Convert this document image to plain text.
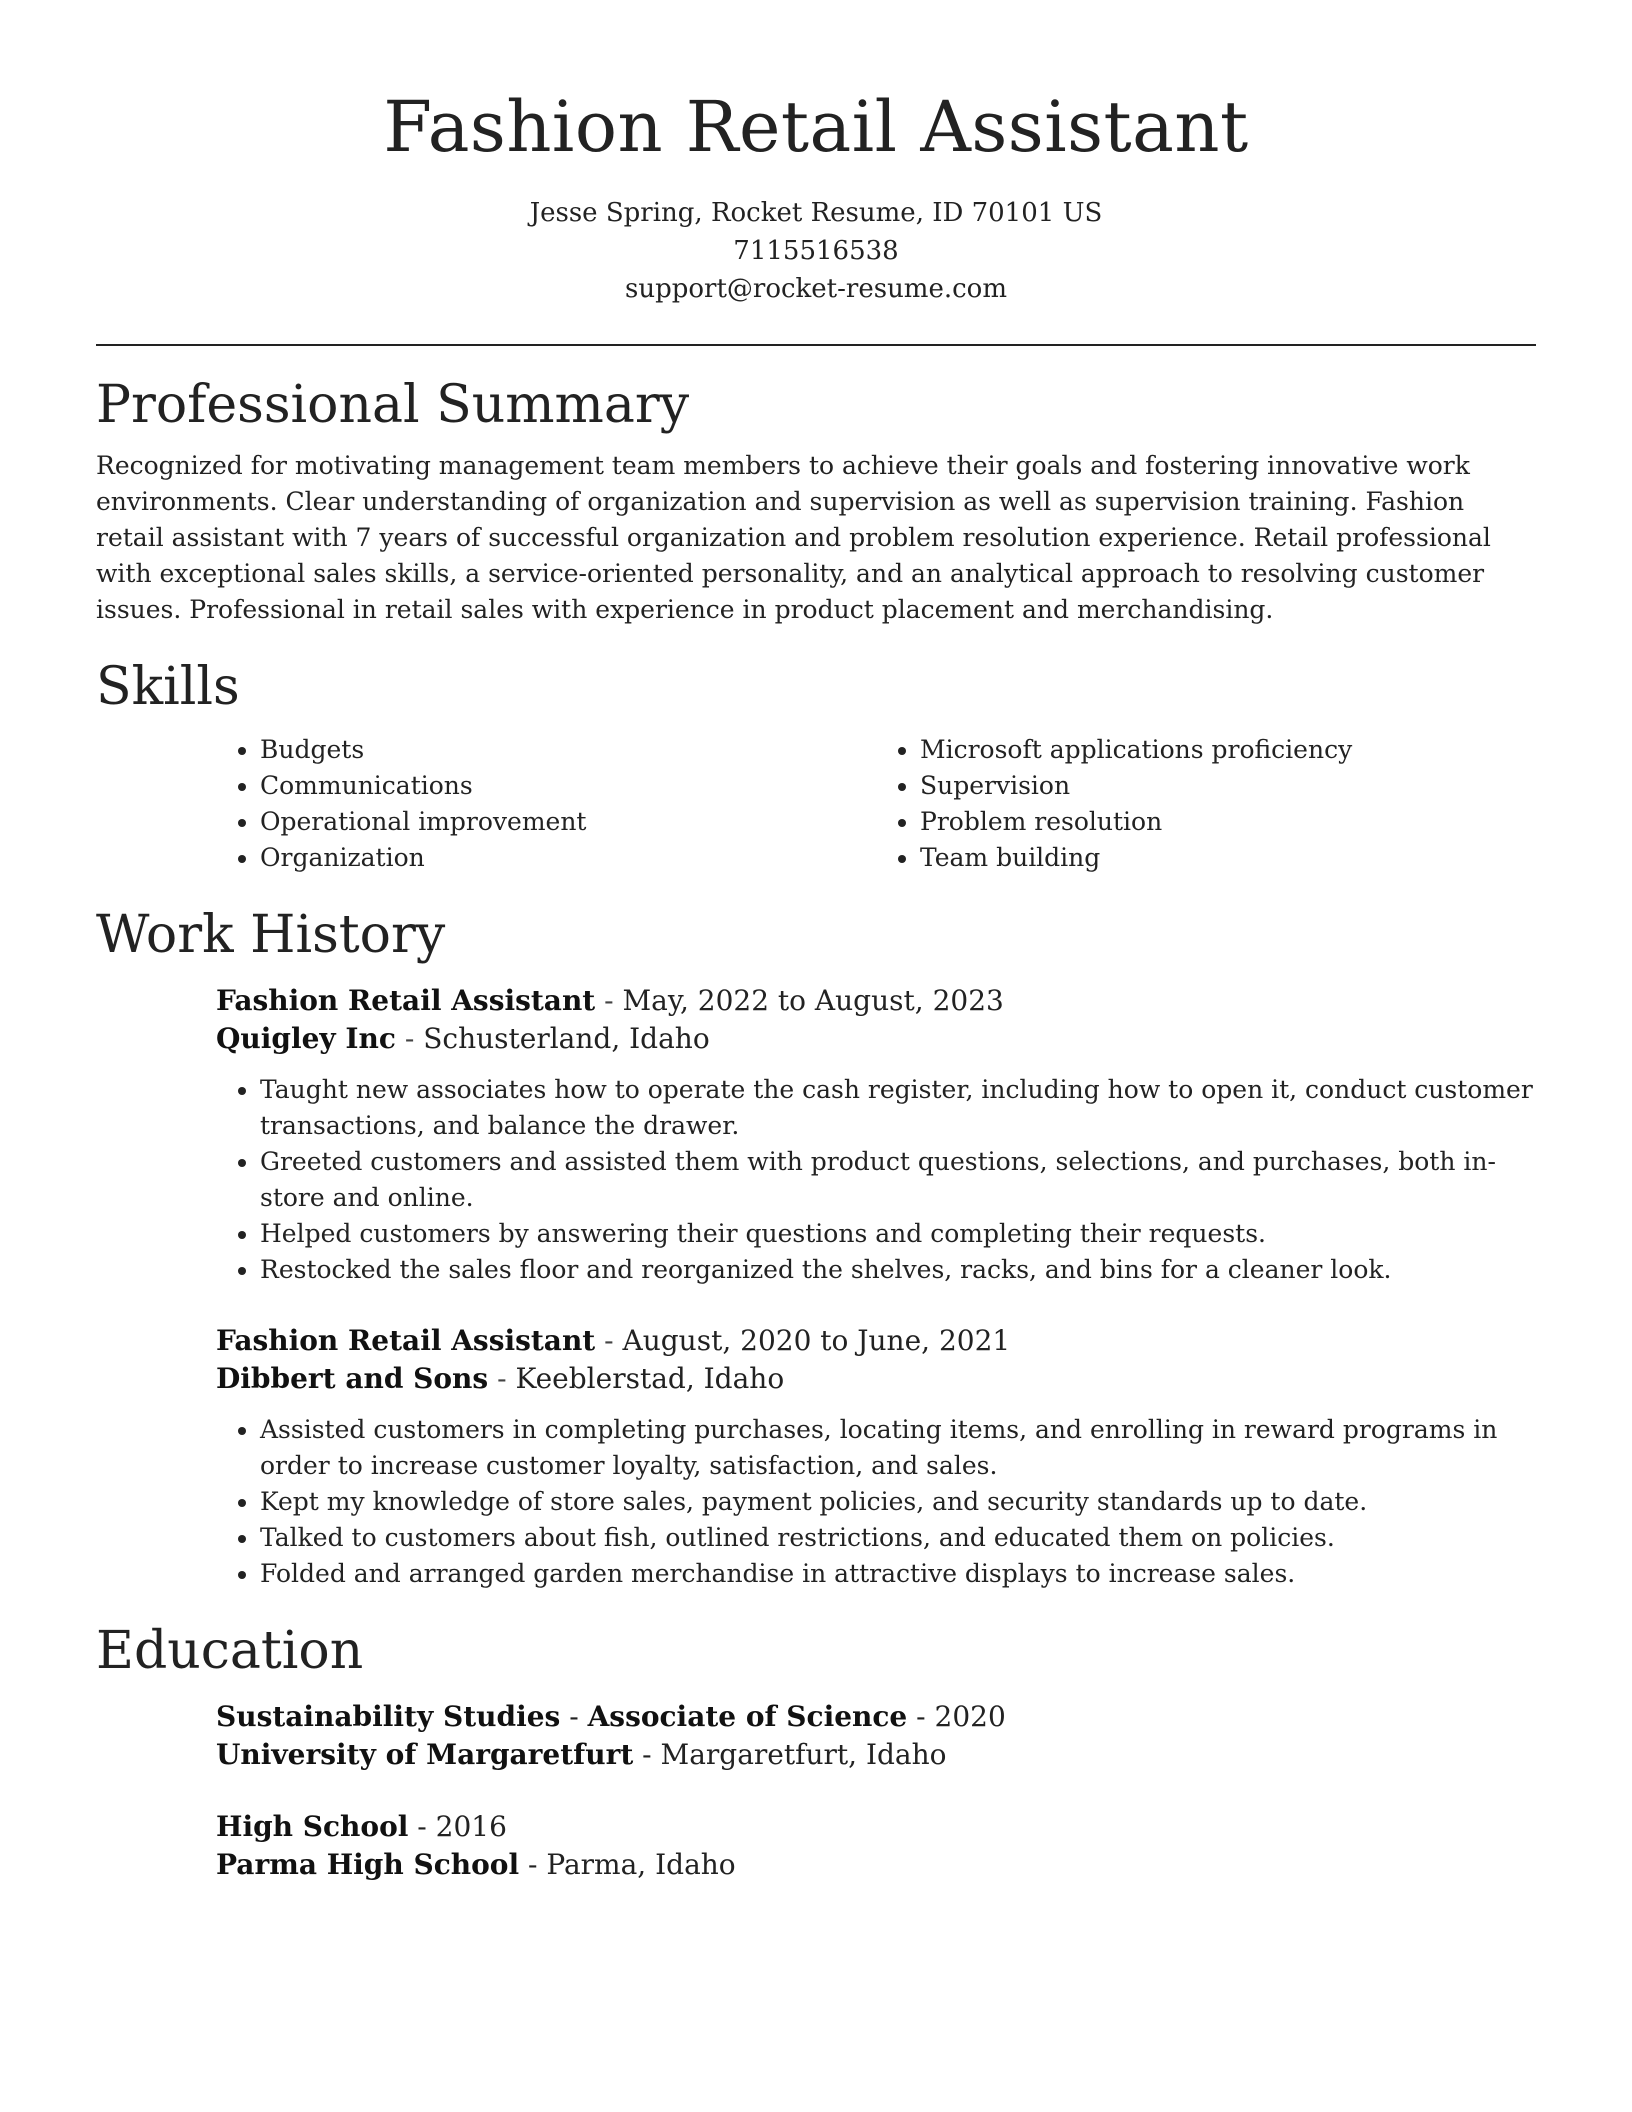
Fashion Retail Assistant
Jesse Spring, Rocket Resume, ID 70101 US
7115516538
support@rocket-resume.com
Professional Summary

Recognized for motivating management team members to achieve their goals and fostering innovative work environments. Clear understanding of organization and supervision as well as supervision training. Fashion retail assistant with 7 years of successful organization and problem resolution experience. Retail professional with exceptional sales skills, a service-oriented personality, and an analytical approach to resolving customer issues. Professional in retail sales with experience in product placement and merchandising.

Skills
• Budgets
• Communications
• Operational improvement
• Organization
• Microsoft applications proficiency
• Supervision
• Problem resolution
• Team building
Work History
Fashion Retail Assistant - May, 2022 to August, 2023
Quigley Inc - Schusterland, Idaho
• Taught new associates how to operate the cash register, including how to open it, conduct customer transactions, and balance the drawer.
• Greeted customers and assisted them with product questions, selections, and purchases, both in-store and online.
• Helped customers by answering their questions and completing their requests.
• Restocked the sales floor and reorganized the shelves, racks, and bins for a cleaner look.
Fashion Retail Assistant - August, 2020 to June, 2021
Dibbert and Sons - Keeblerstad, Idaho
• Assisted customers in completing purchases, locating items, and enrolling in reward programs in order to increase customer loyalty, satisfaction, and sales.
• Kept my knowledge of store sales, payment policies, and security standards up to date.
• Talked to customers about fish, outlined restrictions, and educated them on policies.
• Folded and arranged garden merchandise in attractive displays to increase sales.
Education
Sustainability Studies - Associate of Science - 2020
University of Margaretfurt - Margaretfurt, Idaho
High School - 2016
Parma High School - Parma, Idaho
